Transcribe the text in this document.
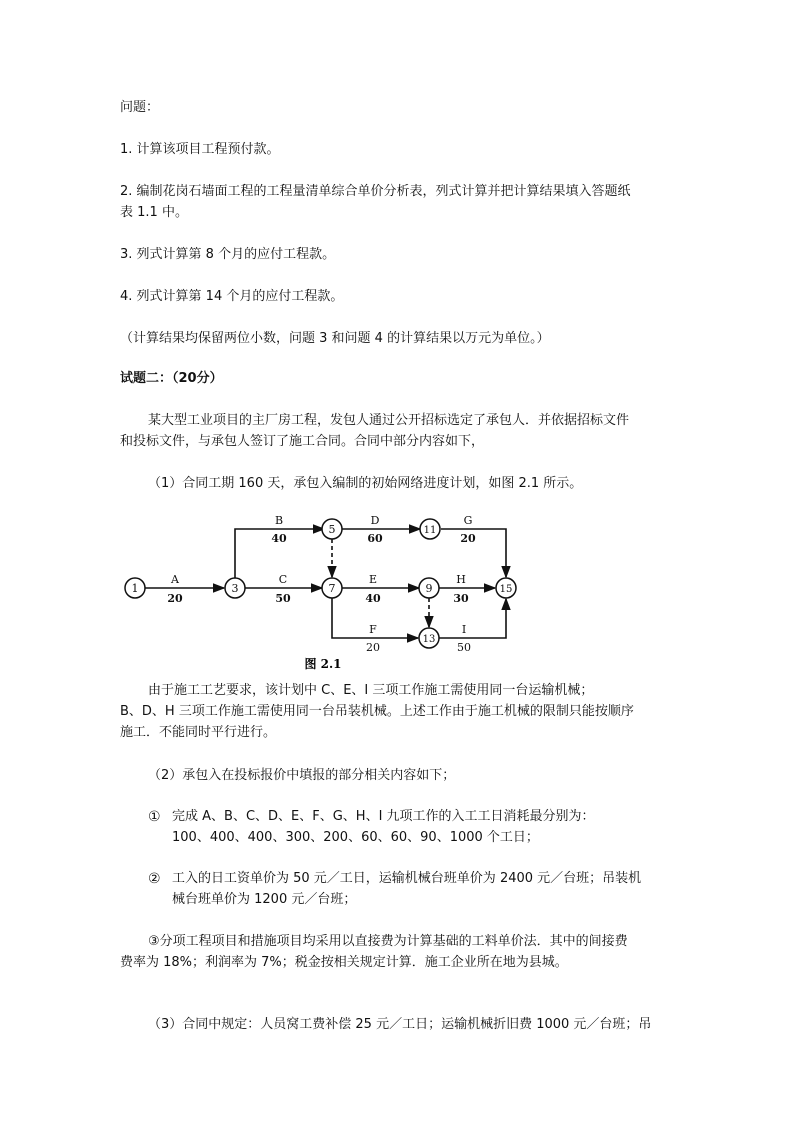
问题：
1. 计算该项目工程预付款。
2. 编制花岗石墙面工程的工程量清单综合单价分析表，列式计算并把计算结果填入答题纸
表 1.1 中。
3. 列式计算第 8 个月的应付工程款。
4. 列式计算第 14 个月的应付工程款。
（计算结果均保留两位小数，问题 3 和问题 4 的计算结果以万元为单位。）
试题二：（20分）
某大型工业项目的主厂房工程，发包人通过公开招标选定了承包人．并依据招标文件
和投标文件，与承包人签订了施工合同。合同中部分内容如下，
（1）合同工期 160 天，承包入编制的初始网络进度计划，如图 2.1 所示。
1	3
5
7	9
11
13
15
A
20
B
40
C
50
D
60
E
40
F
20
G
20
H
30
I
50
图 2.1
由于施工工艺要求，该计划中 C、E、I 三项工作施工需使用同一台运输机械；
B、D、H 三项工作施工需使用同一台吊装机械。上述工作由于施工机械的限制只能按顺序
施工．不能同时平行进行。
（2）承包入在投标报价中填报的部分相关内容如下；
① 完成 A、B、C、D、E、F、G、H、I 九项工作的入工工日消耗最分别为：
100、400、400、300、200、60、60、90、1000 个工日；
② 工入的日工资单价为 50 元／工日，运输机械台班单价为 2400 元／台班；吊装机
械台班单价为 1200 元／台班；
③分项工程项目和措施项目均采用以直接费为计算基础的工料单价法．其中的间接费
费率为 18%；利润率为 7%；税金按相关规定计算．施工企业所在地为县城。
（3）合同中规定：人员窝工费补偿 25 元／工日；运输机械折旧费 1000 元／台班；吊
